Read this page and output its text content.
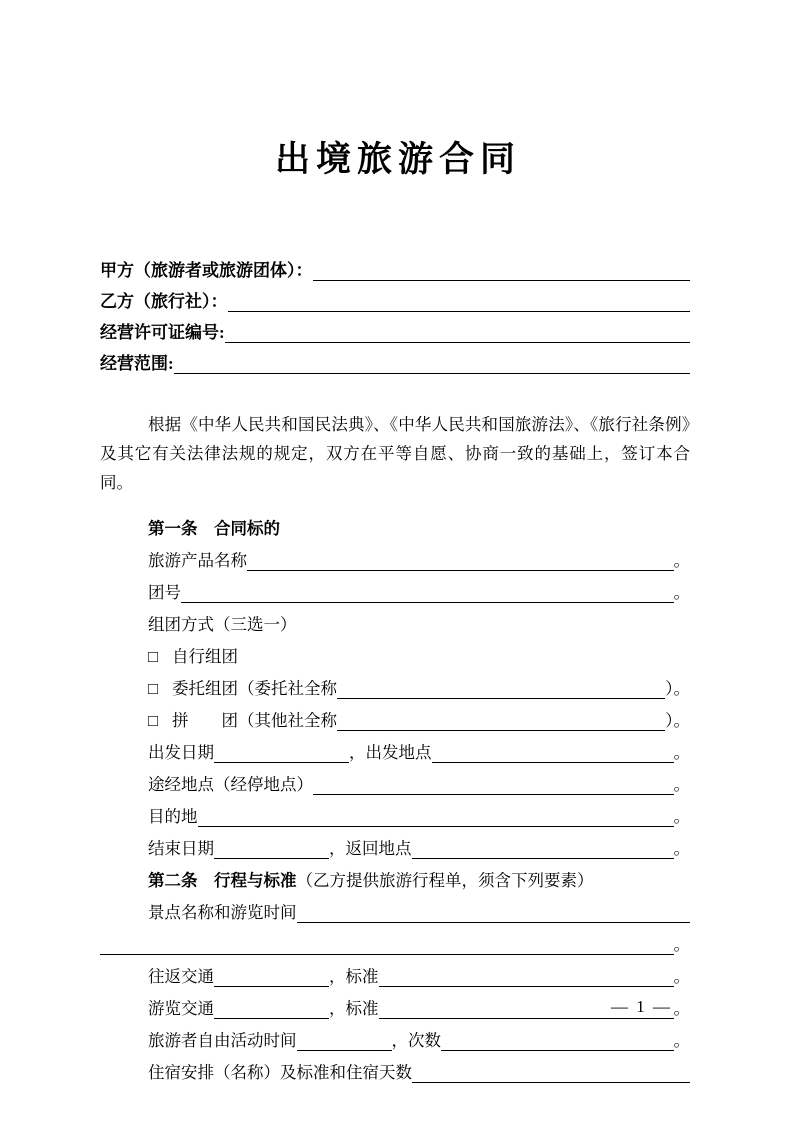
出境旅游合同
甲方（旅游者或旅游团体）：
乙方（旅行社）：
经营许可证编号:
经营范围:

根据《中华人民共和国民法典》、《中华人民共和国旅游法》、《旅行社条例》及其它有关法律法规的规定，双方在平等自愿、协商一致的基础上，签订本合同。

第一条　合同标的
旅游产品名称	。
团号	。
组团方式（三选一）
□ 自行组团
□ 委托组团（委托社全称	）。
□ 拼　　团（其他社全称	）。
出发日期	，出发地点	。
途经地点（经停地点）	。
目的地	。
结束日期	，返回地点	。
第二条　行程与标准 （乙方提供旅游行程单，须含下列要素）
景点名称和游览时间
。
往返交通	，标准	。
游览交通	，标准	。
旅游者自由活动时间	，次数	。
住宿安排（名称）及标准和住宿天数
— 1 —
